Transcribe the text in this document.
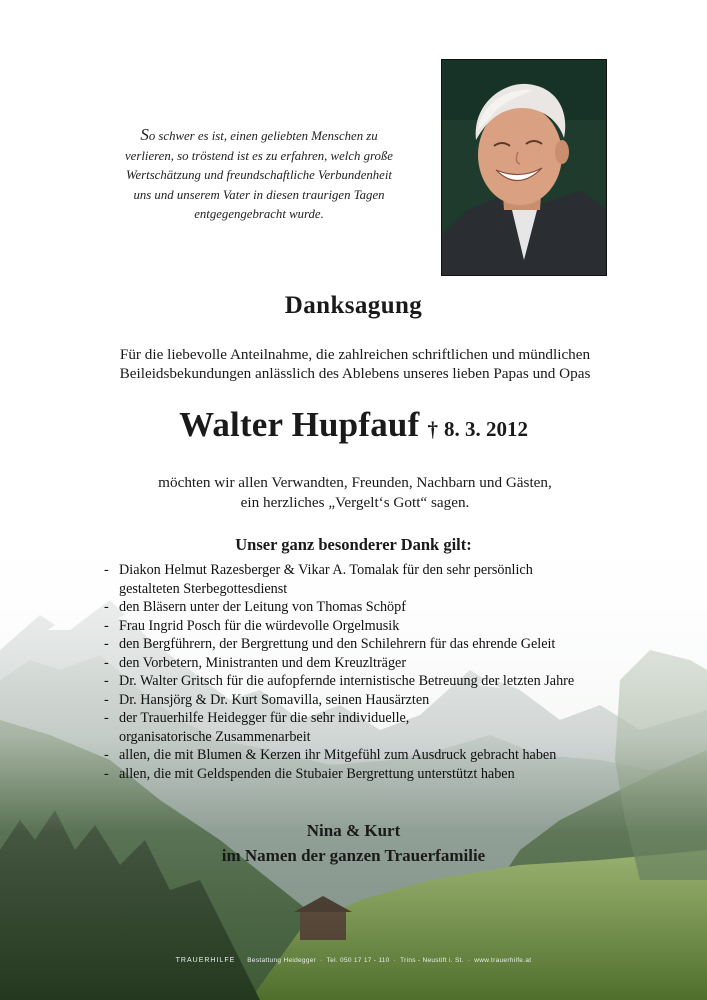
So schwer es ist, einen geliebten Menschen zu
verlieren, so tröstend ist es zu erfahren, welch große
Wertschätzung und freundschaftliche Verbundenheit
uns und unserem Vater in diesen traurigen Tagen
entgegengebracht wurde.
Danksagung
Für die liebevolle Anteilnahme, die zahlreichen schriftlichen und mündlichen
Beileidsbekundungen anlässlich des Ablebens unseres lieben Papas und Opas
Walter Hupfauf † 8. 3. 2012
möchten wir allen Verwandten, Freunden, Nachbarn und Gästen,
ein herzliches „Vergelt‘s Gott“ sagen.
Unser ganz besonderer Dank gilt:
- Diakon Helmut Razesberger & Vikar A. Tomalak für den sehr persönlich
gestalteten Sterbegottesdienst
- den Bläsern unter der Leitung von Thomas Schöpf
- Frau Ingrid Posch für die würdevolle Orgelmusik
- den Bergführern, der Bergrettung und den Schilehrern für das ehrende Geleit
- den Vorbetern, Ministranten und dem Kreuzlträger
- Dr. Walter Gritsch für die aufopfernde internistische Betreuung der letzten Jahre
- Dr. Hansjörg & Dr. Kurt Somavilla, seinen Hausärzten
- der Trauerhilfe Heidegger für die sehr individuelle,
organisatorische Zusammenarbeit
- allen, die mit Blumen & Kerzen ihr Mitgefühl zum Ausdruck gebracht haben
- allen, die mit Geldspenden die Stubaier Bergrettung unterstützt haben
Nina & Kurt
im Namen der ganzen Trauerfamilie
TRAUERHILFE Bestattung Heidegger · Tel. 050 17 17 - 110 · Trins - Neustift i. St. · www.trauerhilfe.at
